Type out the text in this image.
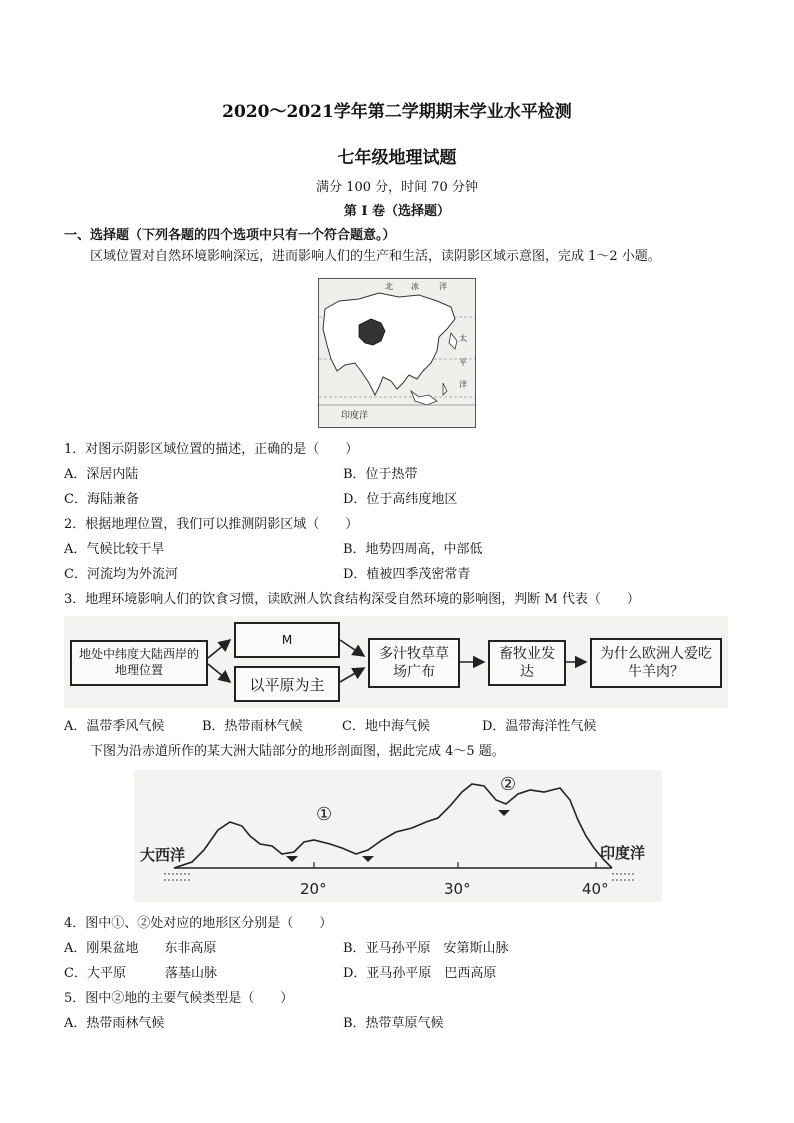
2020～2021学年第二学期期末学业水平检测
七年级地理试题
满分 100 分，时间 70 分钟
第 I 卷（选择题）
一、选择题（下列各题的四个选项中只有一个符合题意。）
区域位置对自然环境影响深远，进而影响人们的生产和生活，读阴影区域示意图，完成 1～2 小题。
北 冰	洋
太
平
洋
印度洋
1．对图示阴影区域位置的描述，正确的是（　　）
A．深居内陆	B．位于热带
C．海陆兼备	D．位于高纬度地区
2．根据地理位置，我们可以推测阴影区域（　　）
A．气候比较干旱	B．地势四周高，中部低
C．河流均为外流河	D．植被四季茂密常青
3．地理环境影响人们的饮食习惯，读欧洲人饮食结构深受自然环境的影响图，判断 M 代表（　　）
地处中纬度大陆西岸的地理位置
M
以平原为主
多汁牧草草场广布
畜牧业发达
为什么欧洲人爱吃牛羊肉？
A．温带季风气候	B．热带雨林气候	C．地中海气候	D．温带海洋性气候
下图为沿赤道所作的某大洲大陆部分的地形剖面图，据此完成 4～5 题。
①
②
大西洋	印度洋
20°	30°	40°
4．图中①、②处对应的地形区分别是（　　）
A．刚果盆地　　东非高原	B．亚马孙平原　安第斯山脉
C．大平原　　　落基山脉	D．亚马孙平原　巴西高原
5．图中②地的主要气候类型是（　　）
A．热带雨林气候	B．热带草原气候
